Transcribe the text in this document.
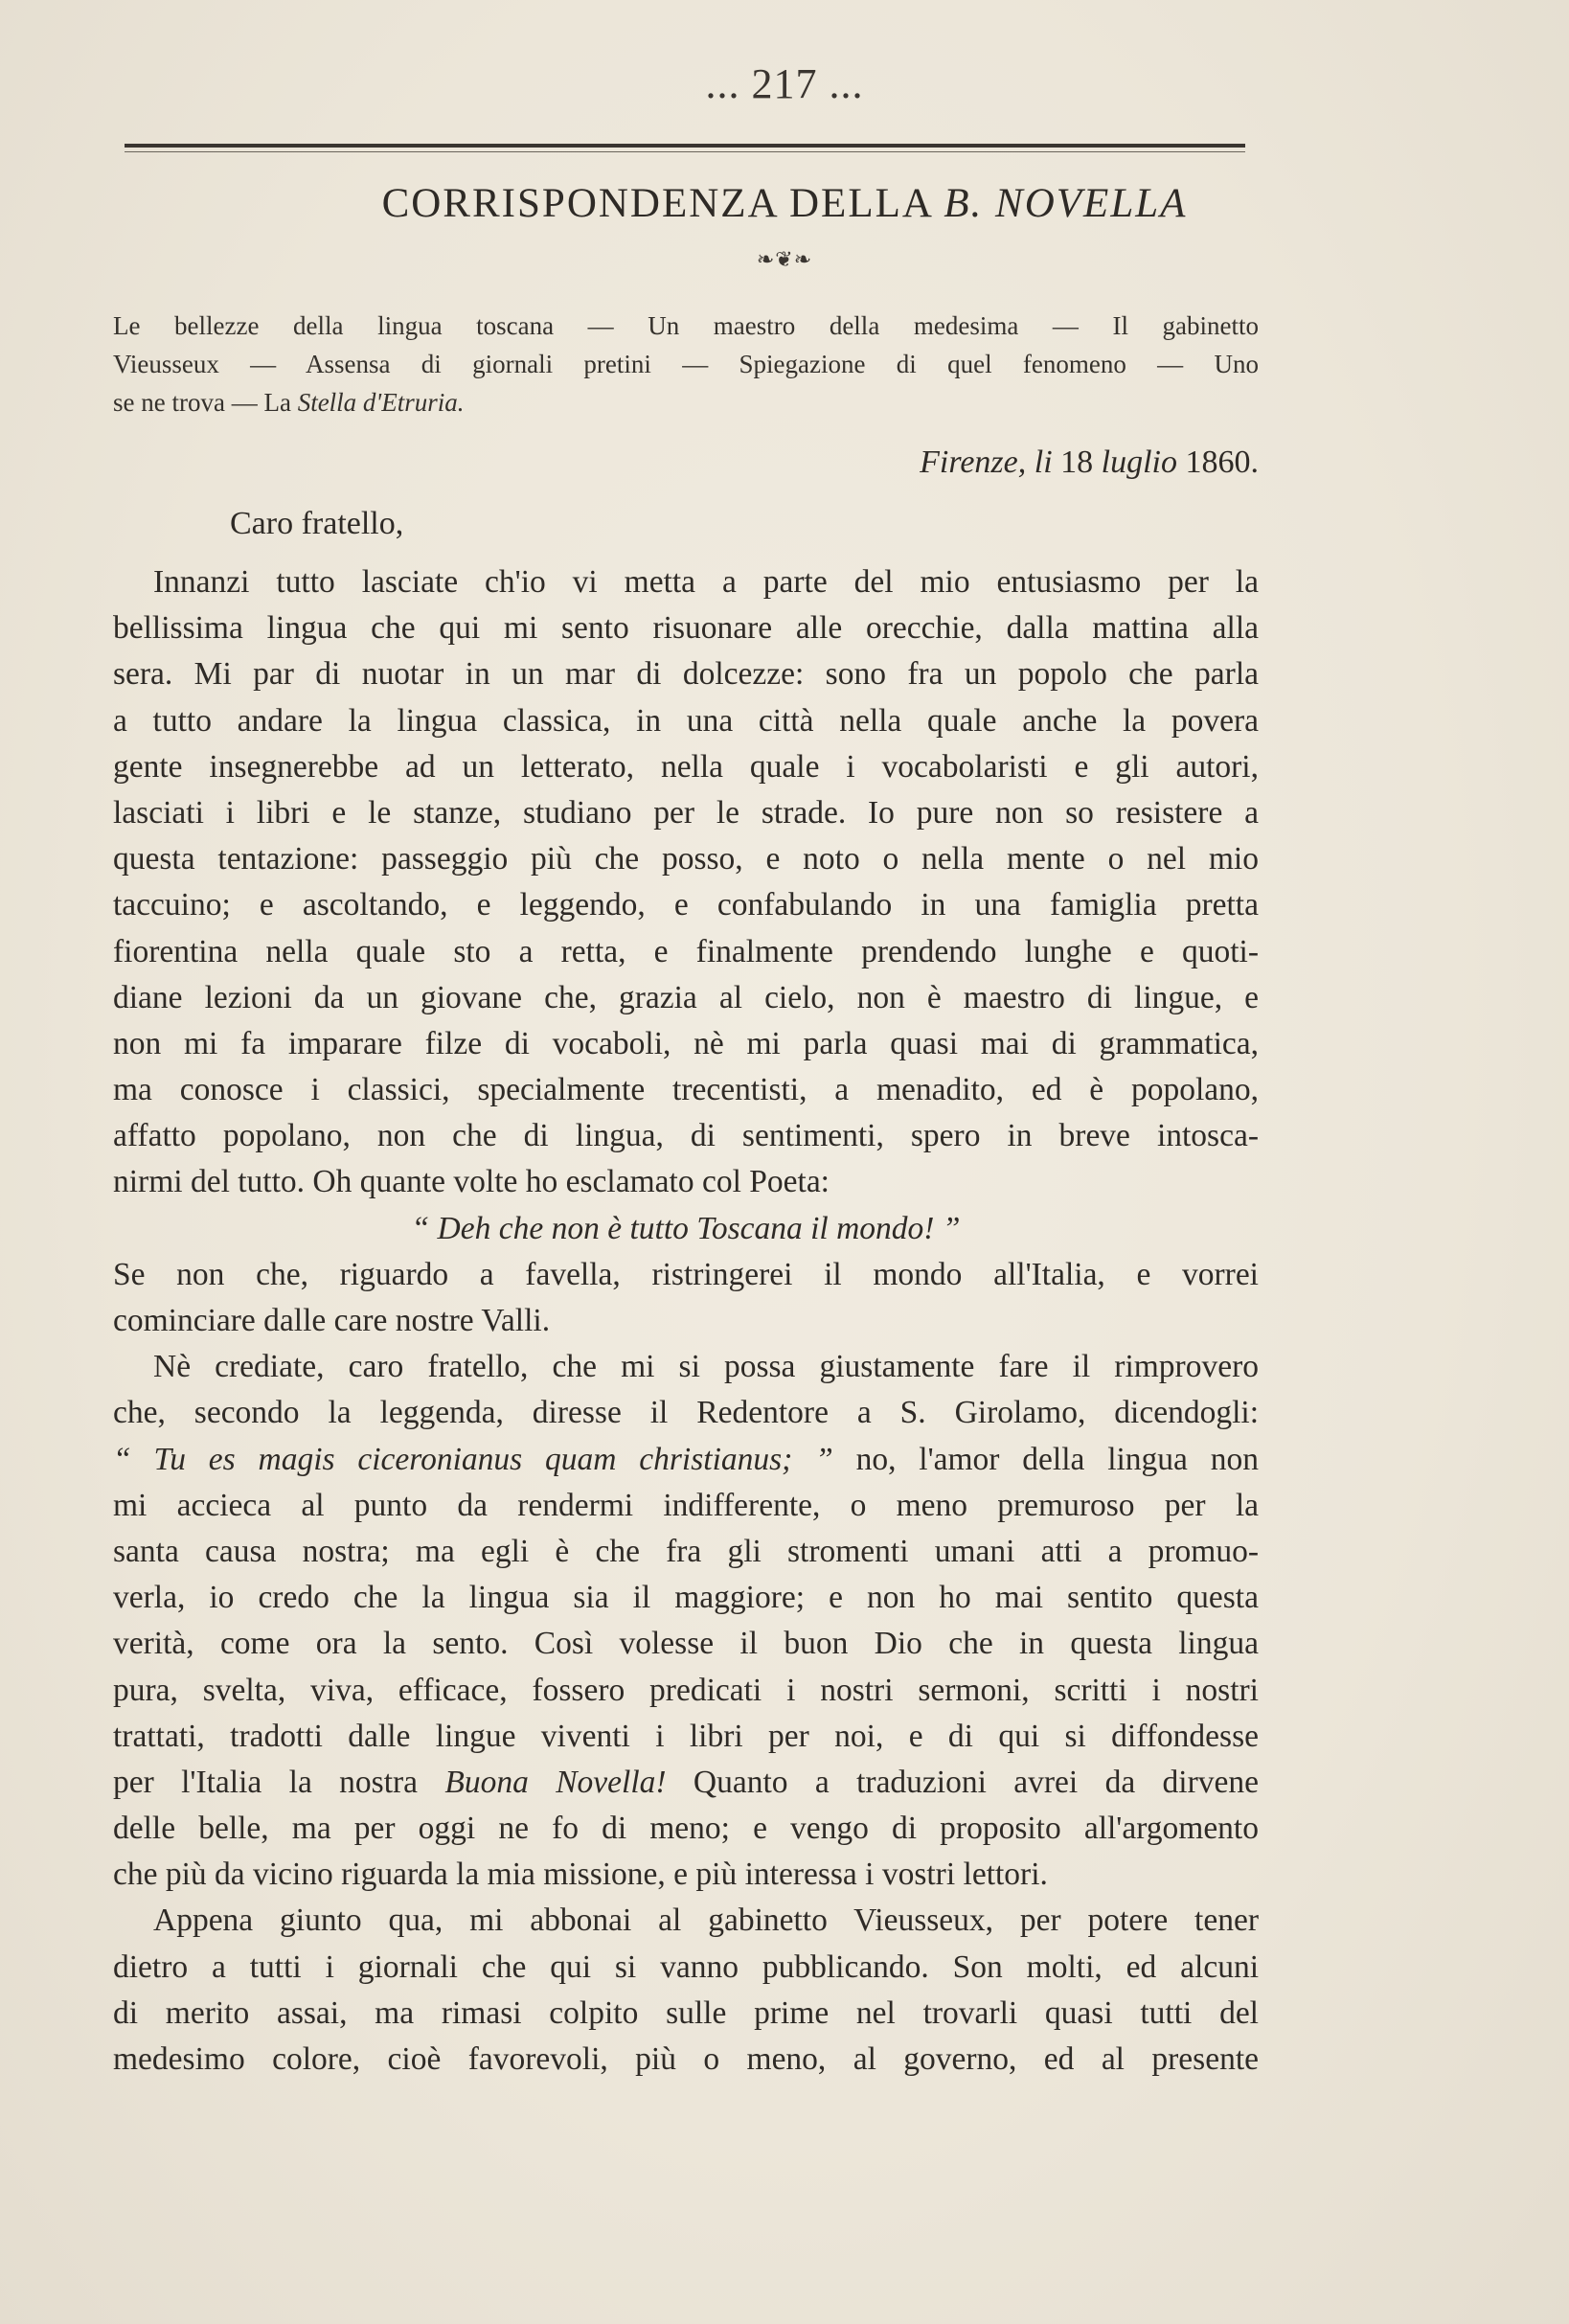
... 217 ...
CORRISPONDENZA DELLA B. NOVELLA
❧❦❧
Le bellezze della lingua toscana — Un maestro della medesima — Il gabinetto
Vieusseux — Assensa di giornali pretini — Spiegazione di quel fenomeno — Uno
se ne trova — La Stella d'Etruria.
Firenze, li 18 luglio 1860.
Caro fratello,
Innanzi tutto lasciate ch'io vi metta a parte del mio entusiasmo per la
bellissima lingua che qui mi sento risuonare alle orecchie, dalla mattina alla
sera. Mi par di nuotar in un mar di dolcezze: sono fra un popolo che parla
a tutto andare la lingua classica, in una città nella quale anche la povera
gente insegnerebbe ad un letterato, nella quale i vocabolaristi e gli autori,
lasciati i libri e le stanze, studiano per le strade. Io pure non so resistere a
questa tentazione: passeggio più che posso, e noto o nella mente o nel mio
taccuino; e ascoltando, e leggendo, e confabulando in una famiglia pretta
fiorentina nella quale sto a retta, e finalmente prendendo lunghe e quoti-
diane lezioni da un giovane che, grazia al cielo, non è maestro di lingue, e
non mi fa imparare filze di vocaboli, nè mi parla quasi mai di grammatica,
ma conosce i classici, specialmente trecentisti, a menadito, ed è popolano,
affatto popolano, non che di lingua, di sentimenti, spero in breve intosca-
nirmi del tutto. Oh quante volte ho esclamato col Poeta:
“ Deh che non è tutto Toscana il mondo! ”
Se non che, riguardo a favella, ristringerei il mondo all'Italia, e vorrei
cominciare dalle care nostre Valli.
Nè crediate, caro fratello, che mi si possa giustamente fare il rimprovero
che, secondo la leggenda, diresse il Redentore a S. Girolamo, dicendogli:
“ Tu es magis ciceronianus quam christianus; ” no, l'amor della lingua non
mi accieca al punto da rendermi indifferente, o meno premuroso per la
santa causa nostra; ma egli è che fra gli stromenti umani atti a promuo-
verla, io credo che la lingua sia il maggiore; e non ho mai sentito questa
verità, come ora la sento. Così volesse il buon Dio che in questa lingua
pura, svelta, viva, efficace, fossero predicati i nostri sermoni, scritti i nostri
trattati, tradotti dalle lingue viventi i libri per noi, e di qui si diffondesse
per l'Italia la nostra Buona Novella! Quanto a traduzioni avrei da dirvene
delle belle, ma per oggi ne fo di meno; e vengo di proposito all'argomento
che più da vicino riguarda la mia missione, e più interessa i vostri lettori.
Appena giunto qua, mi abbonai al gabinetto Vieusseux, per potere tener
dietro a tutti i giornali che qui si vanno pubblicando. Son molti, ed alcuni
di merito assai, ma rimasi colpito sulle prime nel trovarli quasi tutti del
medesimo colore, cioè favorevoli, più o meno, al governo, ed al presente
